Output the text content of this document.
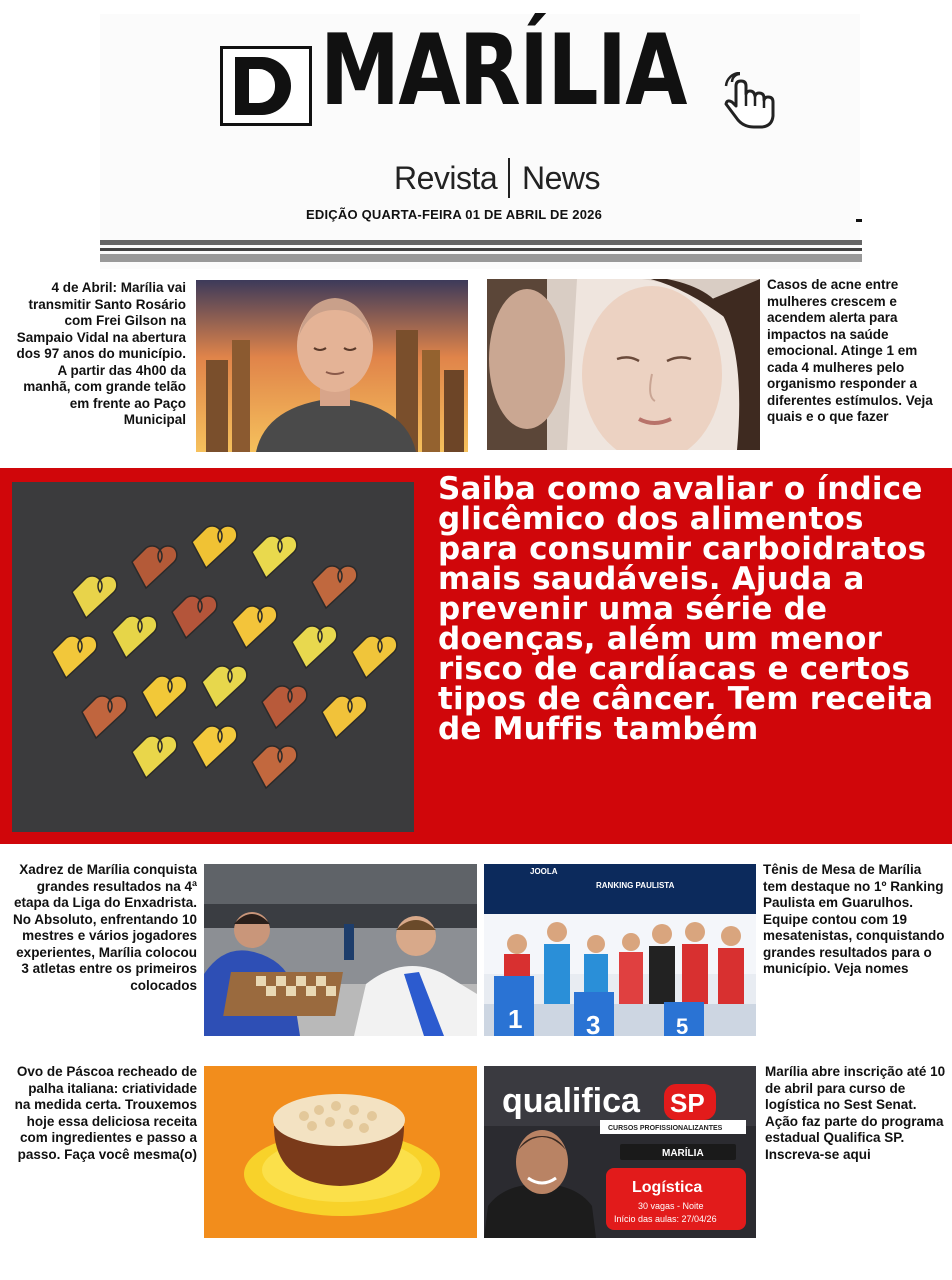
MARÍLIA
Revista News
EDIÇÃO QUARTA-FEIRA 01 DE ABRIL DE 2026
4 de Abril: Marília vai transmitir Santo Rosário com Frei Gilson na Sampaio Vidal na abertura dos 97 anos do município. A partir das 4h00 da manhã, com grande telão em frente ao Paço Municipal
Casos de acne entre mulheres crescem e acendem alerta para impactos na saúde emocional. Atinge 1 em cada 4 mulheres pelo organismo responder a diferentes estímulos. Veja quais e o que fazer
Saiba como avaliar o índice glicêmico dos alimentos para consumir carboidratos mais saudáveis. Ajuda a prevenir uma série de doenças, além um menor risco de cardíacas e certos tipos de câncer. Tem receita de Muffis também
Xadrez de Marília conquista grandes resultados na 4ª etapa da Liga do Enxadrista. No Absoluto, enfrentando 10 mestres e vários jogadores experientes, Marília colocou 3 atletas entre os primeiros colocados
JOOLA
RANKING PAULISTA
1 3	5
Tênis de Mesa de Marília tem destaque no 1º Ranking Paulista em Guarulhos. Equipe contou com 19 mesatenistas, conquistando grandes resultados para o município. Veja nomes
Ovo de Páscoa recheado de palha italiana: criatividade na medida certa. Trouxemos hoje essa deliciosa receita com ingredientes e passo a passo. Faça você mesma(o)
qualifica SP
CURSOS PROFISSIONALIZANTES
MARÍLIA
Logística
30 vagas - Noite
Início das aulas: 27/04/26
Marília abre inscrição até 10 de abril para curso de logística no Sest Senat. Ação faz parte do programa estadual Qualifica SP. Inscreva-se aqui
